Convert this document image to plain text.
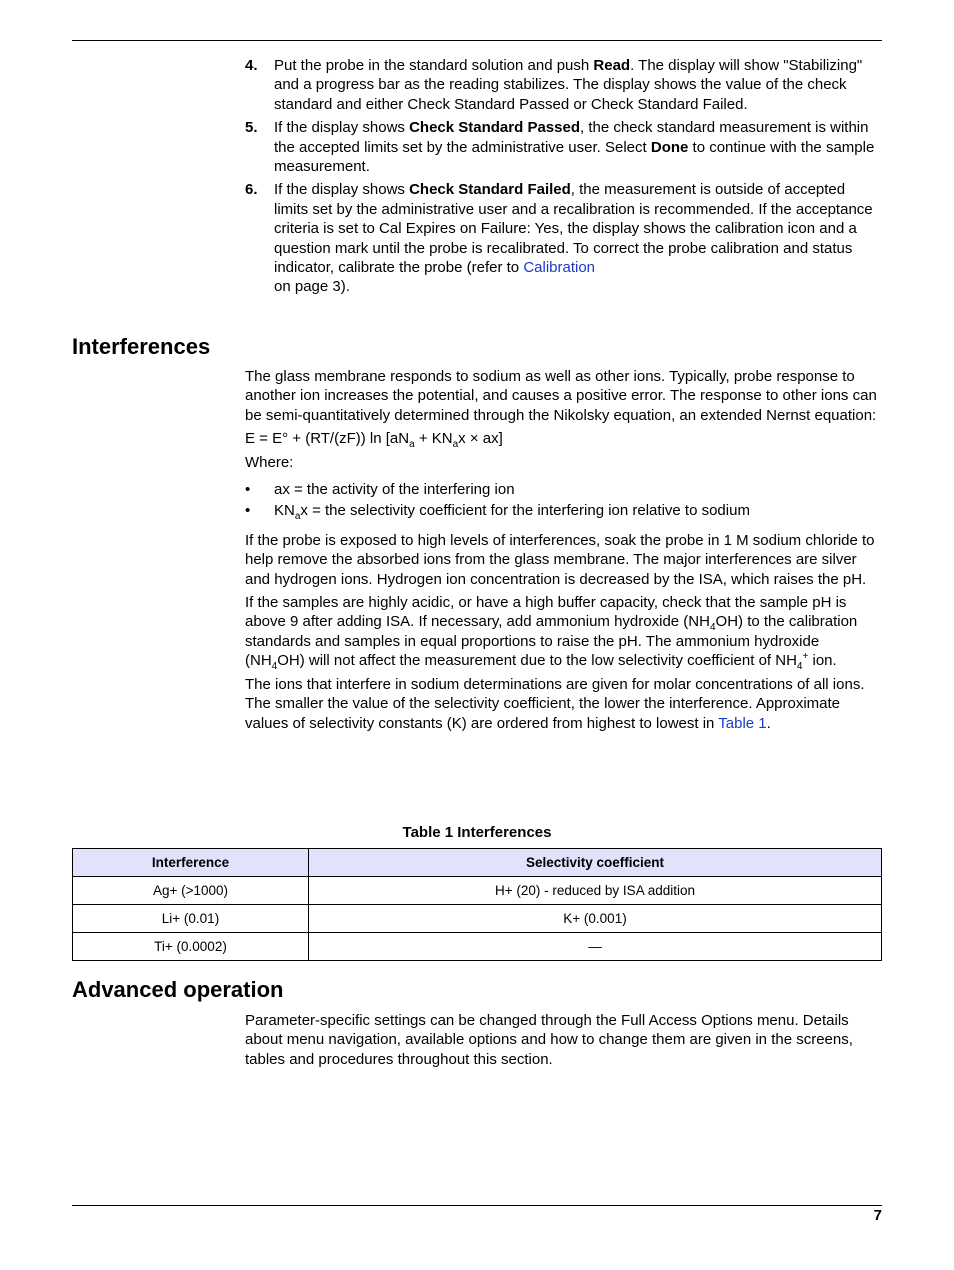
4. Put the probe in the standard solution and push Read. The display will show "Stabilizing" and a progress bar as the reading stabilizes. The display shows the value of the check standard and either Check Standard Passed or Check Standard Failed.
5. If the display shows Check Standard Passed, the check standard measurement is within the accepted limits set by the administrative user. Select Done to continue with the sample measurement.
6. If the display shows Check Standard Failed, the measurement is outside of accepted limits set by the administrative user and a recalibration is recommended. If the acceptance criteria is set to Cal Expires on Failure: Yes, the display shows the calibration icon and a question mark until the probe is recalibrated. To correct the probe calibration and status indicator, calibrate the probe (refer to Calibration
on page 3).
Interferences

The glass membrane responds to sodium as well as other ions. Typically, probe response to another ion increases the potential, and causes a positive error. The response to other ions can be semi-quantitatively determined through the Nikolsky equation, an extended Nernst equation:

E = E° + (RT/(zF)) $\ln [aN_a + KN_ax \times ax]$

Where:

• ax = the activity of the interfering ion
• $KN_ax$ = the selectivity coefficient for the interfering ion relative to sodium

If the probe is exposed to high levels of interferences, soak the probe in 1 M sodium chloride to help remove the absorbed ions from the glass membrane. The major interferences are silver and hydrogen ions. Hydrogen ion concentration is decreased by the ISA, which raises the pH.

If the samples are highly acidic, or have a high buffer capacity, check that the sample pH is above 9 after adding ISA. If necessary, add ammonium hydroxide $(NH_4OH)$ to the calibration standards and samples in equal proportions to raise the pH. The ammonium hydroxide $(NH_4OH)$ will not affect the measurement due to the low selectivity coefficient of $NH_4^+$ ion.

The ions that interfere in sodium determinations are given for molar concentrations of all ions. The smaller the value of the selectivity coefficient, the lower the interference. Approximate values of selectivity constants (K) are ordered from highest to lowest in Table 1.

Table 1 Interferences
Interference	Selectivity coefficient
Ag+ (>1000)	H+ (20) - reduced by ISA addition
Li+ (0.01)	K+ (0.001)
Ti+ (0.0002)	—
Advanced operation

Parameter-specific settings can be changed through the Full Access Options menu. Details about menu navigation, available options and how to change them are given in the screens, tables and procedures throughout this section.

7
